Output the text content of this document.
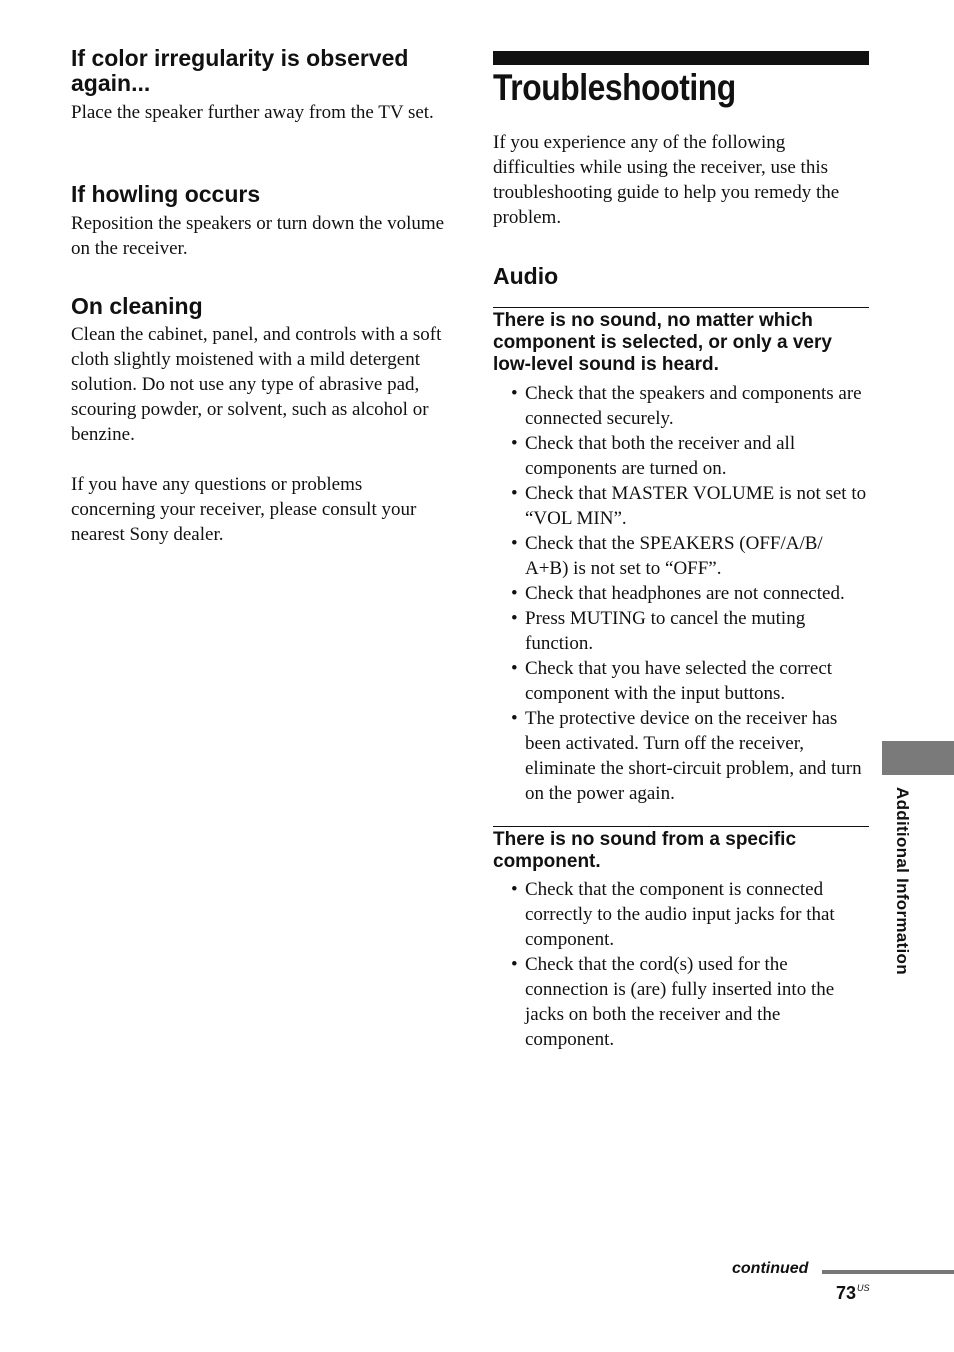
If color irregularity is observed again...

Place the speaker further away from the TV set.

If howling occurs

Reposition the speakers or turn down the volume on the receiver.

On cleaning

Clean the cabinet, panel, and controls with a soft cloth slightly moistened with a mild detergent solution. Do not use any type of abrasive pad, scouring powder, or solvent, such as alcohol or benzine.

If you have any questions or problems concerning your receiver, please consult your nearest Sony dealer.

Troubleshooting

If you experience any of the following difficulties while using the receiver, use this troubleshooting guide to help you remedy the problem.

Audio
There is no sound, no matter which component is selected, or only a very low-level sound is heard.
• Check that the speakers and components are connected securely.
• Check that both the receiver and all components are turned on.
• Check that MASTER VOLUME is not set to “VOL MIN”.
• Check that the SPEAKERS (OFF/A/B/ A+B) is not set to “OFF”.
• Check that headphones are not connected.
• Press MUTING to cancel the muting function.
• Check that you have selected the correct component with the input buttons.
• The protective device on the receiver has been activated. Turn off the receiver, eliminate the short-circuit problem, and turn on the power again.
There is no sound from a specific component.
• Check that the component is connected correctly to the audio input jacks for that component.
• Check that the cord(s) used for the connection is (are) fully inserted into the jacks on both the receiver and the component.
Additional Information
continued
$73^{US}$
